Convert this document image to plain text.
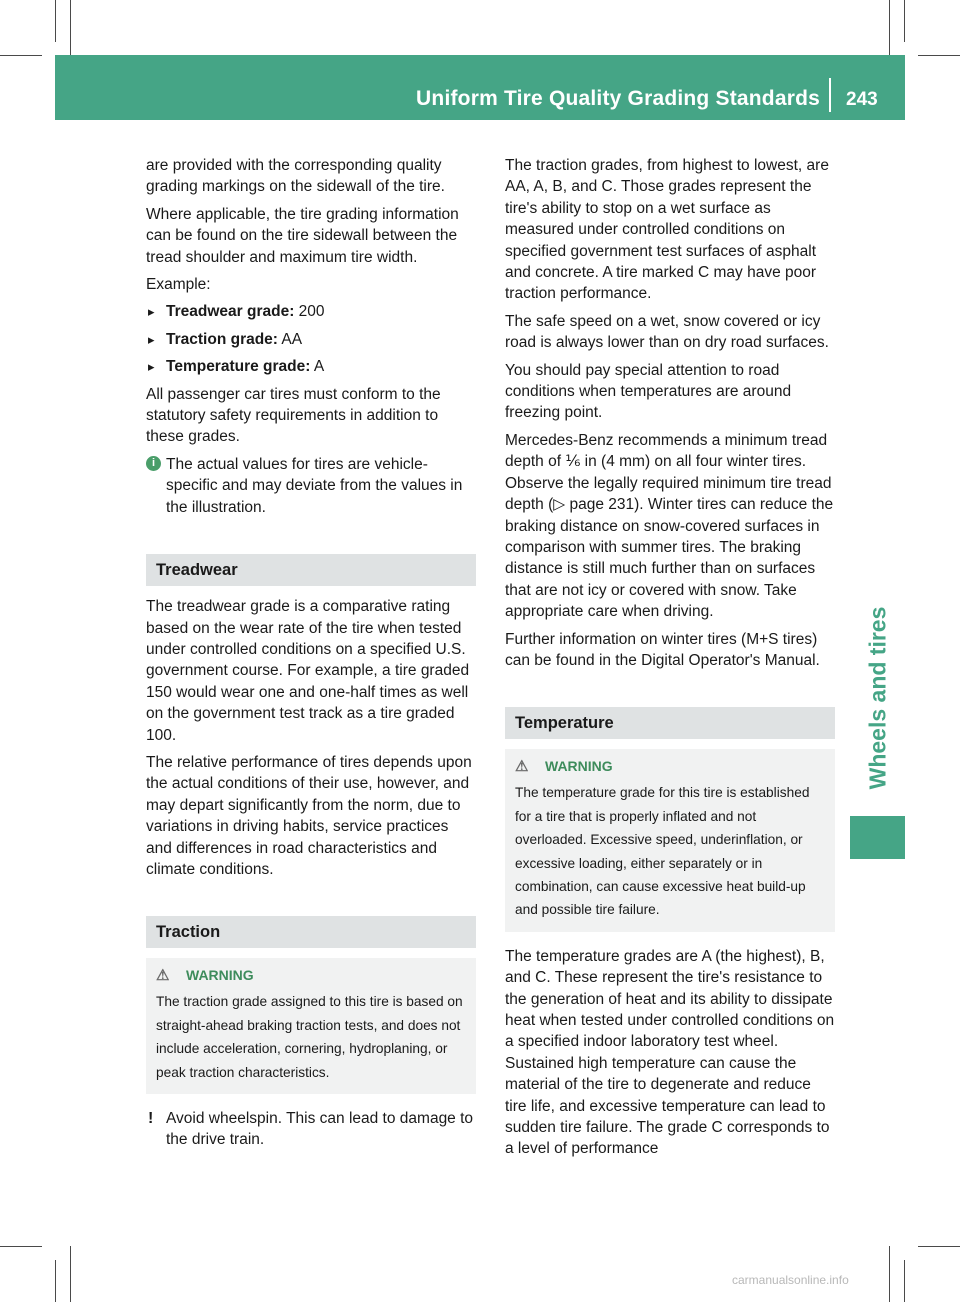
Uniform Tire Quality Grading Standards 243
Wheels and tires

are provided with the corresponding quality grading markings on the sidewall of the tire.

Where applicable, the tire grading information can be found on the tire sidewall between the tread shoulder and maximum tire width.

Example:

▸ Treadwear grade: 200
▸ Traction grade: AA
▸ Temperature grade: A

All passenger car tires must conform to the statutory safety requirements in addition to these grades.

i The actual values for tires are vehicle-specific and may deviate from the values in the illustration.
Treadwear

The treadwear grade is a comparative rating based on the wear rate of the tire when tested under controlled conditions on a specified U.S. government course. For example, a tire graded 150 would wear one and one-half times as well on the government test track as a tire graded 100.

The relative performance of tires depends upon the actual conditions of their use, however, and may depart significantly from the norm, due to variations in driving habits, service practices and differences in road characteristics and climate conditions.

Traction
⚠	WARNING
The traction grade assigned to this tire is based on straight-ahead braking traction tests, and does not include acceleration, cornering, hydroplaning, or peak traction characteristics.
! Avoid wheelspin. This can lead to damage to the drive train.

The traction grades, from highest to lowest, are AA, A, B, and C. Those grades represent the tire's ability to stop on a wet surface as measured under controlled conditions on specified government test surfaces of asphalt and concrete. A tire marked C may have poor traction performance.

The safe speed on a wet, snow covered or icy road is always lower than on dry road surfaces.

You should pay special attention to road conditions when temperatures are around freezing point.

Mercedes-Benz recommends a minimum tread depth of ⅙ in (4 mm) on all four winter tires. Observe the legally required minimum tire tread depth (▷ page 231). Winter tires can reduce the braking distance on snow-covered surfaces in comparison with summer tires. The braking distance is still much further than on surfaces that are not icy or covered with snow. Take appropriate care when driving.

Further information on winter tires (M+S tires) can be found in the Digital Operator's Manual.

Temperature
⚠	WARNING
The temperature grade for this tire is established for a tire that is properly inflated and not overloaded. Excessive speed, underinflation, or excessive loading, either separately or in combination, can cause excessive heat build-up and possible tire failure.

The temperature grades are A (the highest), B, and C. These represent the tire's resistance to the generation of heat and its ability to dissipate heat when tested under controlled conditions on a specified indoor laboratory test wheel. Sustained high temperature can cause the material of the tire to degenerate and reduce tire life, and excessive temperature can lead to sudden tire failure. The grade C corresponds to a level of performance

carmanualsonline.info
